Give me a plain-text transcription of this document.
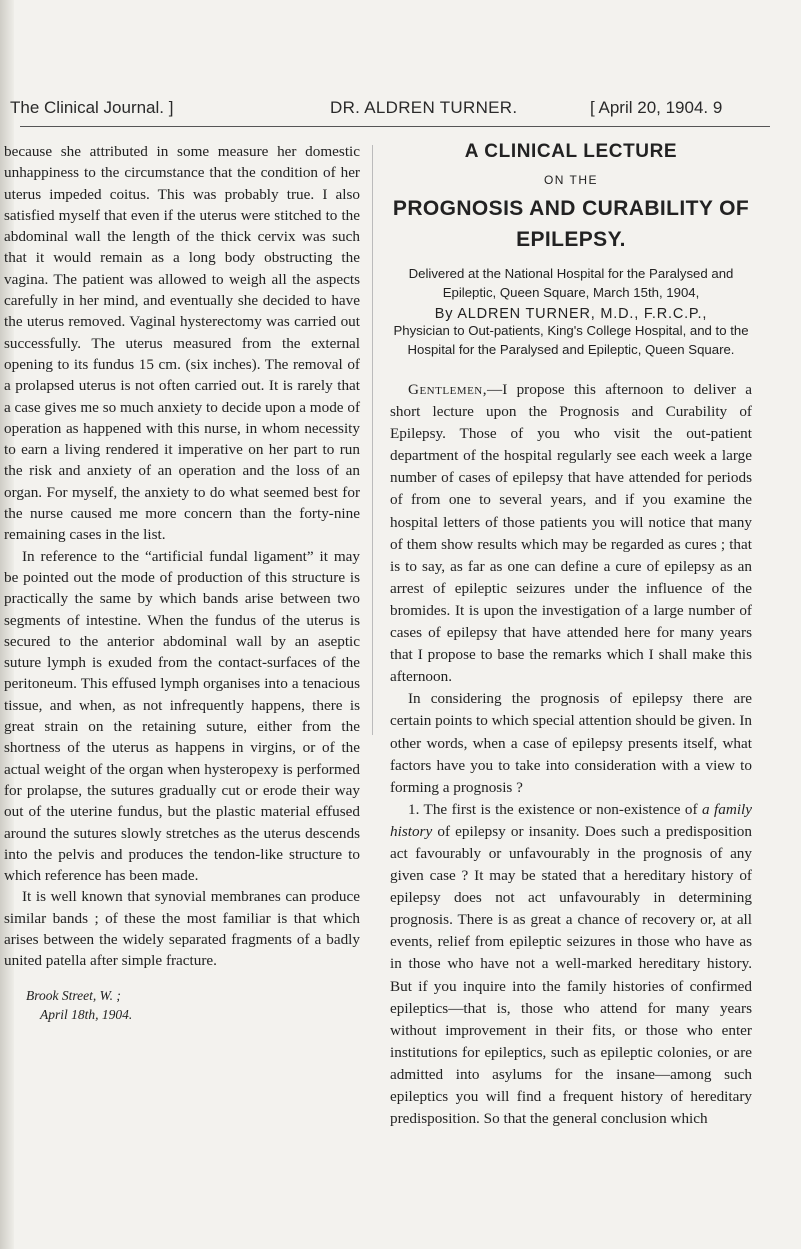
The Clinical Journal. ]	DR. ALDREN TURNER.	[ April 20, 1904. 9

because she attributed in some measure her domestic unhappiness to the circumstance that the condition of her uterus impeded coitus. This was probably true. I also satisfied myself that even if the uterus were stitched to the abdominal wall the length of the thick cervix was such that it would remain as a long body obstructing the vagina. The patient was allowed to weigh all the aspects carefully in her mind, and eventually she decided to have the uterus removed. Vaginal hysterectomy was carried out successfully. The uterus measured from the external opening to its fundus 15 cm. (six inches). The removal of a prolapsed uterus is not often carried out. It is rarely that a case gives me so much anxiety to decide upon a mode of operation as happened with this nurse, in whom necessity to earn a living rendered it imperative on her part to run the risk and anxiety of an operation and the loss of an organ. For myself, the anxiety to do what seemed best for the nurse caused me more concern than the forty-nine remaining cases in the list.

In reference to the “artificial fundal ligament” it may be pointed out the mode of production of this structure is practically the same by which bands arise between two segments of intestine. When the fundus of the uterus is secured to the anterior abdominal wall by an aseptic suture lymph is exuded from the contact-surfaces of the peritoneum. This effused lymph organises into a tenacious tissue, and when, as not infrequently happens, there is great strain on the retaining suture, either from the shortness of the uterus as happens in virgins, or of the actual weight of the organ when hysteropexy is performed for prolapse, the sutures gradually cut or erode their way out of the uterine fundus, but the plastic material effused around the sutures slowly stretches as the uterus descends into the pelvis and produces the tendon-like structure to which reference has been made.

It is well known that synovial membranes can produce similar bands ; of these the most familiar is that which arises between the widely separated fragments of a badly united patella after simple fracture.

Brook Street, W. ;
April 18th, 1904.
A CLINICAL LECTURE
ON THE
PROGNOSIS AND CURABILITY OF EPILEPSY.
Delivered at the National Hospital for the Paralysed and Epileptic, Queen Square, March 15th, 1904,
By ALDREN TURNER, M.D., F.R.C.P.,
Physician to Out-patients, King's College Hospital, and to the Hospital for the Paralysed and Epileptic, Queen Square.

Gentlemen,—I propose this afternoon to deliver a short lecture upon the Prognosis and Curability of Epilepsy. Those of you who visit the out-patient department of the hospital regularly see each week a large number of cases of epilepsy that have attended for periods of from one to several years, and if you examine the hospital letters of those patients you will notice that many of them show results which may be regarded as cures ; that is to say, as far as one can define a cure of epilepsy as an arrest of epileptic seizures under the influence of the bromides. It is upon the investigation of a large number of cases of epilepsy that have attended here for many years that I propose to base the remarks which I shall make this afternoon.

In considering the prognosis of epilepsy there are certain points to which special attention should be given. In other words, when a case of epilepsy presents itself, what factors have you to take into consideration with a view to forming a prognosis ?

1. The first is the existence or non-existence of a family history of epilepsy or insanity. Does such a predisposition act favourably or unfavourably in the prognosis of any given case ? It may be stated that a hereditary history of epilepsy does not act unfavourably in determining prognosis. There is as great a chance of recovery or, at all events, relief from epileptic seizures in those who have as in those who have not a well-marked hereditary history. But if you inquire into the family histories of confirmed epileptics—that is, those who attend for many years without improvement in their fits, or those who enter institutions for epileptics, such as epileptic colonies, or are admitted into asylums for the insane—among such epileptics you will find a frequent history of hereditary predisposition. So that the general conclusion which
